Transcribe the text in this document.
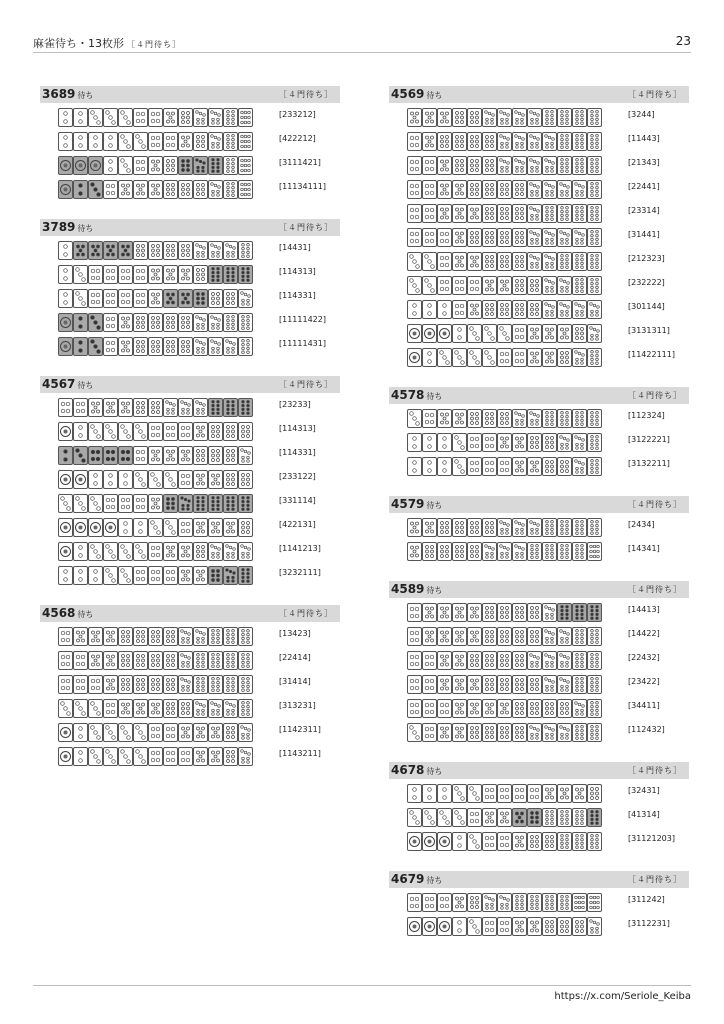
麻雀待ち・13枚形 ［４門待ち］	23
3689 待ち	［４門待ち］
[233212]
[422212]
[3111421]
[11134111]
3789 待ち	［４門待ち］
[14431]
[114313]
[114331]
[11111422]
[11111431]
4567 待ち	［４門待ち］
[23233]
[114313]
[114331]
[233122]
[331114]
[422131]
[1141213]
[3232111]
4568 待ち	［４門待ち］
[13423]
[22414]
[31414]
[313231]
[1142311]
[1143211]
4569 待ち	［４門待ち］
[3244]
[11443]
[21343]
[22441]
[23314]
[31441]
[212323]
[232222]
[301144]
[3131311]
[11422111]
4578 待ち	［４門待ち］
[112324]
[3122221]
[3132211]
4579 待ち	［４門待ち］
[2434]
[14341]
4589 待ち	［４門待ち］
[14413]
[14422]
[22432]
[23422]
[34411]
[112432]
4678 待ち	［４門待ち］
[32431]
[41314]
[31121203]
4679 待ち	［４門待ち］
[311242]
[3112231]
https://x.com/Seriole_Keiba
